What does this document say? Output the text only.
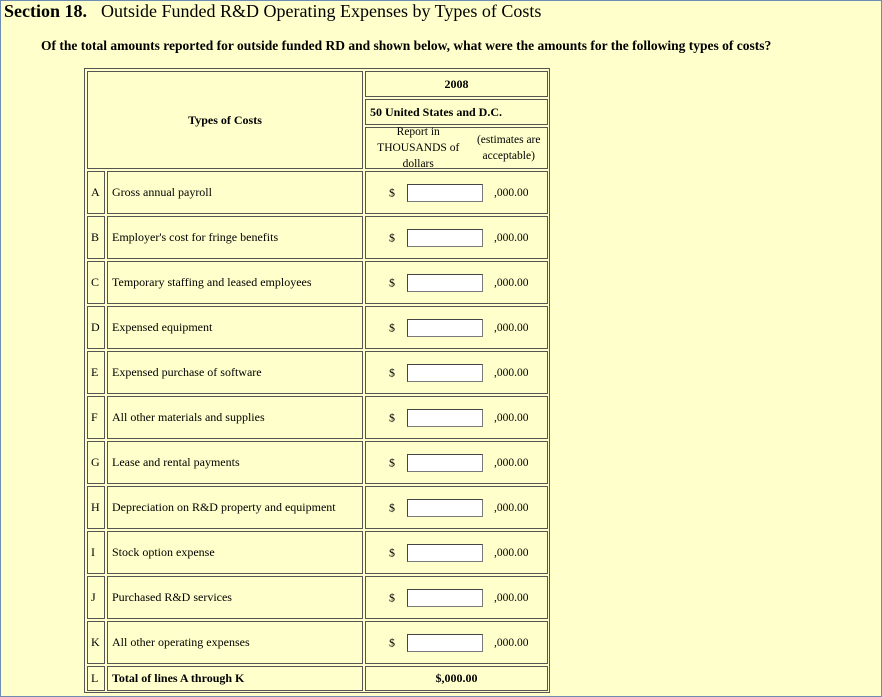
Section 18. Outside Funded R&D Operating Expenses by Types of Costs
Of the total amounts reported for outside funded RD and shown below, what were the amounts for the following types of costs?
Types of Costs
2008
50 United States and D.C.
Report in THOUSANDS of dollars

(estimates are acceptable)
A	Gross annual payroll	$	,000.00
B	Employer's cost for fringe benefits	$	,000.00
C	Temporary staffing and leased employees	$	,000.00
D	Expensed equipment	$	,000.00
E	Expensed purchase of software	$	,000.00
F	All other materials and supplies	$	,000.00
G	Lease and rental payments	$	,000.00
H	Depreciation on R&D property and equipment	$	,000.00
I	Stock option expense	$	,000.00
J	Purchased R&D services	$	,000.00
K	All other operating expenses	$	,000.00
L	Total of lines A through K	$,000.00
